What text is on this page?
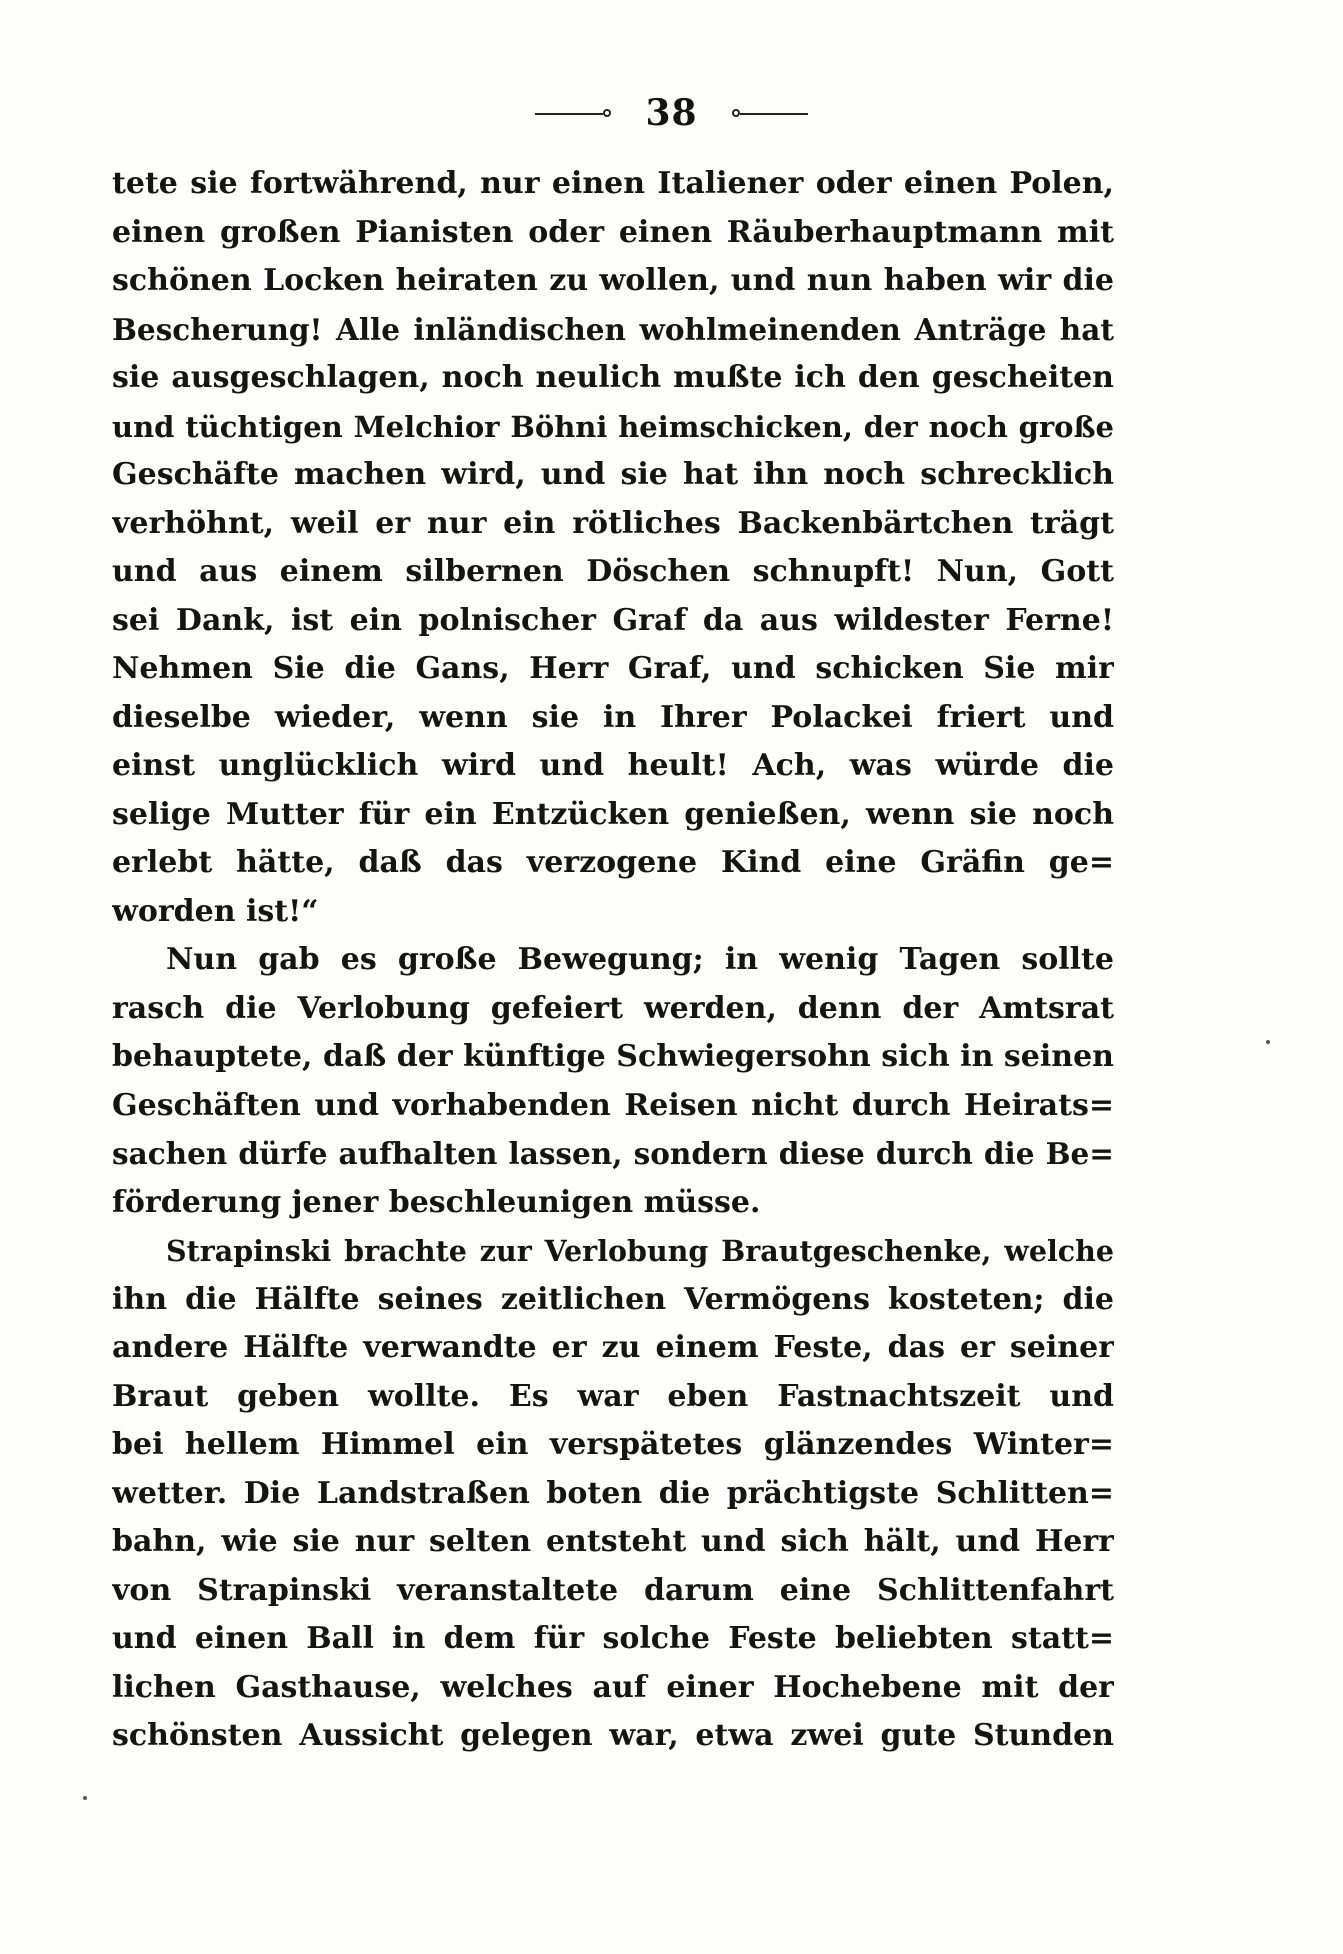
38
tete sie fortwährend, nur einen Italiener oder einen Polen,
einen großen Pianisten oder einen Räuberhauptmann mit
schönen Locken heiraten zu wollen, und nun haben wir die
Bescherung! Alle inländischen wohlmeinenden Anträge hat
sie ausgeschlagen, noch neulich mußte ich den gescheiten
und tüchtigen Melchior Böhni heimschicken, der noch große
Geschäfte machen wird, und sie hat ihn noch schrecklich
verhöhnt, weil er nur ein rötliches Backenbärtchen trägt
und aus einem silbernen Döschen schnupft! Nun, Gott
sei Dank, ist ein polnischer Graf da aus wildester Ferne!
Nehmen Sie die Gans, Herr Graf, und schicken Sie mir
dieselbe wieder, wenn sie in Ihrer Polackei friert und
einst unglücklich wird und heult! Ach, was würde die
selige Mutter für ein Entzücken genießen, wenn sie noch
erlebt hätte, daß das verzogene Kind eine Gräfin ge=
worden ist!“
Nun gab es große Bewegung; in wenig Tagen sollte
rasch die Verlobung gefeiert werden, denn der Amtsrat
behauptete, daß der künftige Schwiegersohn sich in seinen
Geschäften und vorhabenden Reisen nicht durch Heirats=
sachen dürfe aufhalten lassen, sondern diese durch die Be=
förderung jener beschleunigen müsse.
Strapinski brachte zur Verlobung Brautgeschenke, welche
ihn die Hälfte seines zeitlichen Vermögens kosteten; die
andere Hälfte verwandte er zu einem Feste, das er seiner
Braut geben wollte. Es war eben Fastnachtszeit und
bei hellem Himmel ein verspätetes glänzendes Winter=
wetter. Die Landstraßen boten die prächtigste Schlitten=
bahn, wie sie nur selten entsteht und sich hält, und Herr
von Strapinski veranstaltete darum eine Schlittenfahrt
und einen Ball in dem für solche Feste beliebten statt=
lichen Gasthause, welches auf einer Hochebene mit der
schönsten Aussicht gelegen war, etwa zwei gute Stunden
